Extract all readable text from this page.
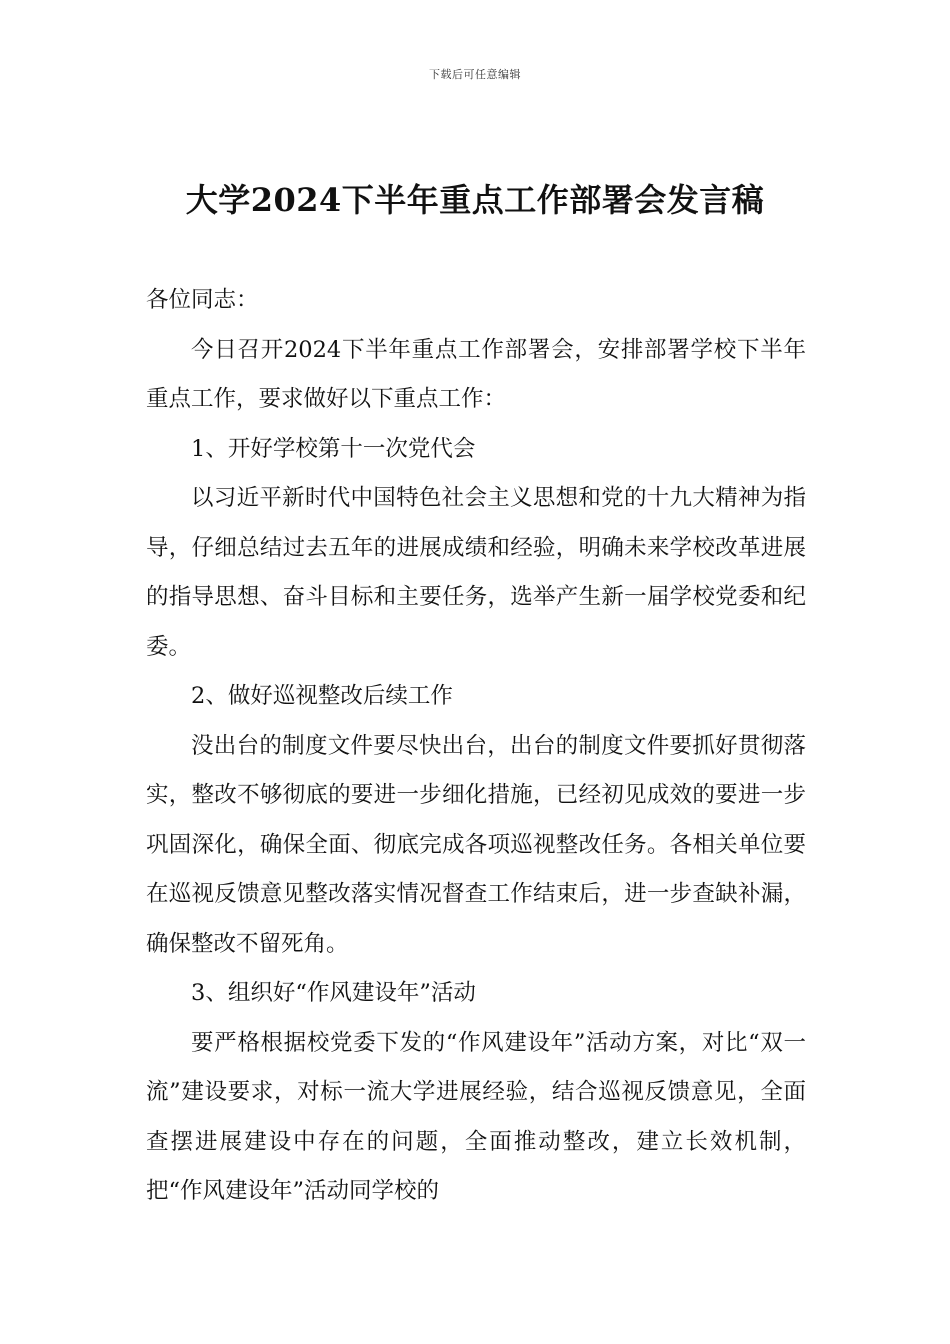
下载后可任意编辑
大学2024下半年重点工作部署会发言稿

各位同志：

今日召开2024下半年重点工作部署会，安排部署学校下半年重点工作，要求做好以下重点工作：

1、开好学校第十一次党代会

以习近平新时代中国特色社会主义思想和党的十九大精神为指导，仔细总结过去五年的进展成绩和经验，明确未来学校改革进展的指导思想、奋斗目标和主要任务，选举产生新一届学校党委和纪委。

2、做好巡视整改后续工作

没出台的制度文件要尽快出台，出台的制度文件要抓好贯彻落实，整改不够彻底的要进一步细化措施，已经初见成效的要进一步巩固深化，确保全面、彻底完成各项巡视整改任务。各相关单位要在巡视反馈意见整改落实情况督查工作结束后，进一步查缺补漏，确保整改不留死角。

3、组织好“作风建设年”活动

要严格根据校党委下发的“作风建设年”活动方案，对比“双一流”建设要求，对标一流大学进展经验，结合巡视反馈意见，全面查摆进展建设中存在的问题，全面推动整改，建立长效机制，把“作风建设年”活动同学校的
